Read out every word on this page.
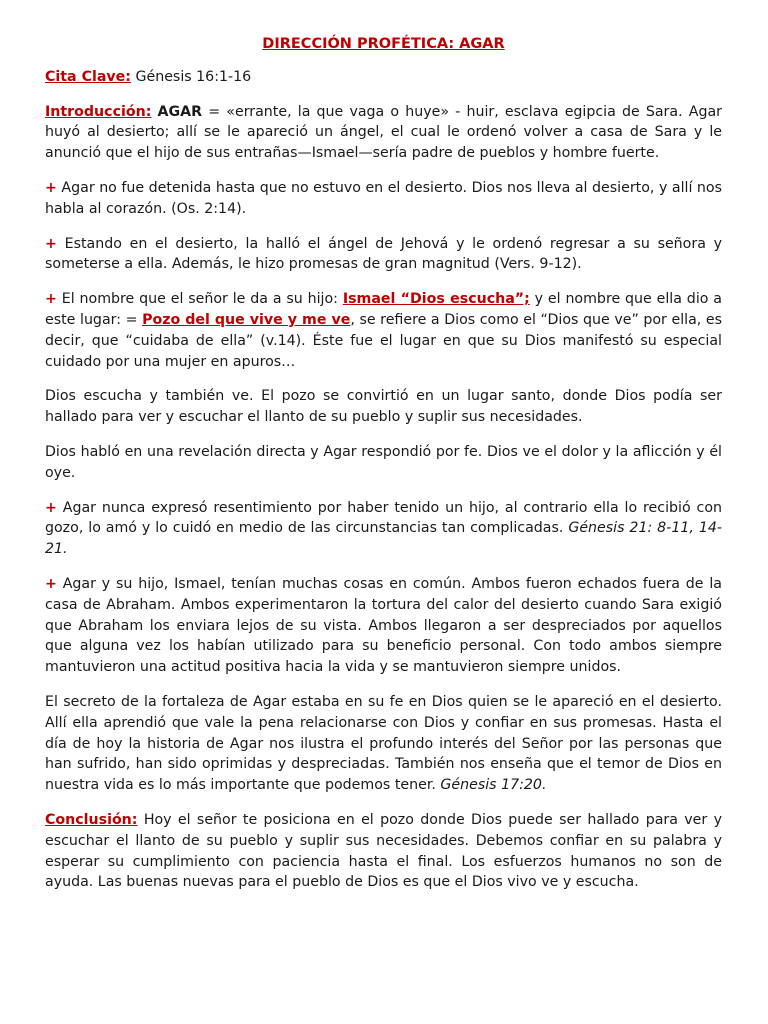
DIRECCIÓN PROFÉTICA: AGAR

Cita Clave: Génesis 16:1-16

Introducción: AGAR = «errante, la que vaga o huye» - huir, esclava egipcia de Sara. Agar huyó al desierto; allí se le apareció un ángel, el cual le ordenó volver a casa de Sara y le anunció que el hijo de sus entrañas—Ismael—sería padre de pueblos y hombre fuerte.

+ Agar no fue detenida hasta que no estuvo en el desierto. Dios nos lleva al desierto, y allí nos habla al corazón. (Os. 2:14).

+ Estando en el desierto, la halló el ángel de Jehová y le ordenó regresar a su señora y someterse a ella. Además, le hizo promesas de gran magnitud (Vers. 9-12).

+ El nombre que el señor le da a su hijo: Ismael “Dios escucha”; y el nombre que ella dio a este lugar: = Pozo del que vive y me ve, se refiere a Dios como el “Dios que ve” por ella, es decir, que “cuidaba de ella” (v.14). Éste fue el lugar en que su Dios manifestó su especial cuidado por una mujer en apuros…

Dios escucha y también ve. El pozo se convirtió en un lugar santo, donde Dios podía ser hallado para ver y escuchar el llanto de su pueblo y suplir sus necesidades.

Dios habló en una revelación directa y Agar respondió por fe. Dios ve el dolor y la aflicción y él oye.

+ Agar nunca expresó resentimiento por haber tenido un hijo, al contrario ella lo recibió con gozo, lo amó y lo cuidó en medio de las circunstancias tan complicadas. Génesis 21: 8-11, 14-21.

+ Agar y su hijo, Ismael, tenían muchas cosas en común. Ambos fueron echados fuera de la casa de Abraham. Ambos experimentaron la tortura del calor del desierto cuando Sara exigió que Abraham los enviara lejos de su vista. Ambos llegaron a ser despreciados por aquellos que alguna vez los habían utilizado para su beneficio personal. Con todo ambos siempre mantuvieron una actitud positiva hacia la vida y se mantuvieron siempre unidos.

El secreto de la fortaleza de Agar estaba en su fe en Dios quien se le apareció en el desierto. Allí ella aprendió que vale la pena relacionarse con Dios y confiar en sus promesas. Hasta el día de hoy la historia de Agar nos ilustra el profundo interés del Señor por las personas que han sufrido, han sido oprimidas y despreciadas. También nos enseña que el temor de Dios en nuestra vida es lo más importante que podemos tener. Génesis 17:20.

Conclusión: Hoy el señor te posiciona en el pozo donde Dios puede ser hallado para ver y escuchar el llanto de su pueblo y suplir sus necesidades. Debemos confiar en su palabra y esperar su cumplimiento con paciencia hasta el final. Los esfuerzos humanos no son de ayuda. Las buenas nuevas para el pueblo de Dios es que el Dios vivo ve y escucha.
